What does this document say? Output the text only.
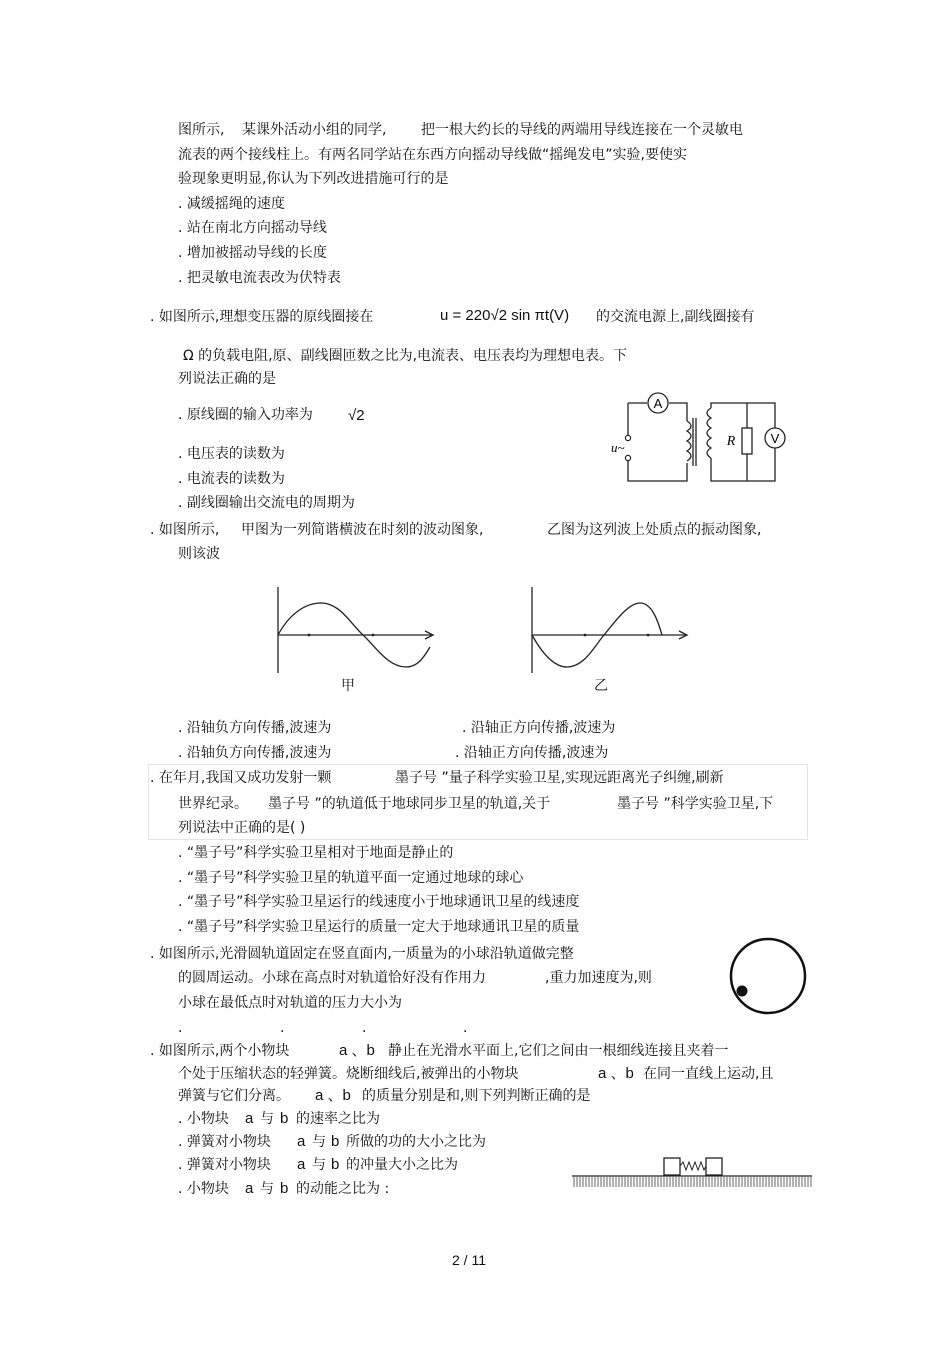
图所示, 某课外活动小组的同学, 把一根大约长的导线的两端用导线连接在一个灵敏电
流表的两个接线柱上。有两名同学站在东西方向摇动导线做“摇绳发电”实验,要使实
验现象更明显,你认为下列改进措施可行的是
. 减缓摇绳的速度
. 站在南北方向摇动导线
. 增加被摇动导线的长度
. 把灵敏电流表改为伏特表
. 如图所示,理想变压器的原线圈接在	u = 220√2 sin πt(V) 的交流电源上,副线圈接有
Ω 的负载电阻,原、副线圈匝数之比为,电流表、电压表均为理想电表。下
列说法正确的是
. 原线圈的输入功率为 √2
. 电压表的读数为
. 电流表的读数为
. 副线圈输出交流电的周期为
A
V
R
u~
. 如图所示, 甲图为一列简谐横波在时刻的波动图象,	乙图为这列波上处质点的振动图象,
则该波
甲	乙
. 沿轴负方向传播,波速为	. 沿轴正方向传播,波速为
. 沿轴负方向传播,波速为	. 沿轴正方向传播,波速为
. 在年月,我国又成功发射一颗	墨子号 ”量子科学实验卫星,实现远距离光子纠缠,刷新
世界纪录。 墨子号 ”的轨道低于地球同步卫星的轨道,关于	墨子号 ”科学实验卫星,下
列说法中正确的是( )
. “墨子号”科学实验卫星相对于地面是静止的
. “墨子号”科学实验卫星的轨道平面一定通过地球的球心
. “墨子号”科学实验卫星运行的线速度小于地球通讯卫星的线速度
. “墨子号”科学实验卫星运行的质量一定大于地球通讯卫星的质量
. 如图所示,光滑圆轨道固定在竖直面内,一质量为的小球沿轨道做完整
的圆周运动。小球在高点时对轨道恰好没有作用力	,重力加速度为,则
小球在最低点时对轨道的压力大小为
.	.	.	.
. 如图所示,两个小物块	a 、b 静止在光滑水平面上,它们之间由一根细线连接且夹着一
个处于压缩状态的轻弹簧。烧断细线后,被弹出的小物块	a 、b 在同一直线上运动,且
弹簧与它们分离。 a 、b 的质量分别是和,则下列判断正确的是
. 小物块 a 与 b 的速率之比为
. 弹簧对小物块 a 与 b 所做的功的大小之比为
. 弹簧对小物块 a 与 b 的冲量大小之比为
. 小物块 a 与 b 的动能之比为 :
2 / 11
